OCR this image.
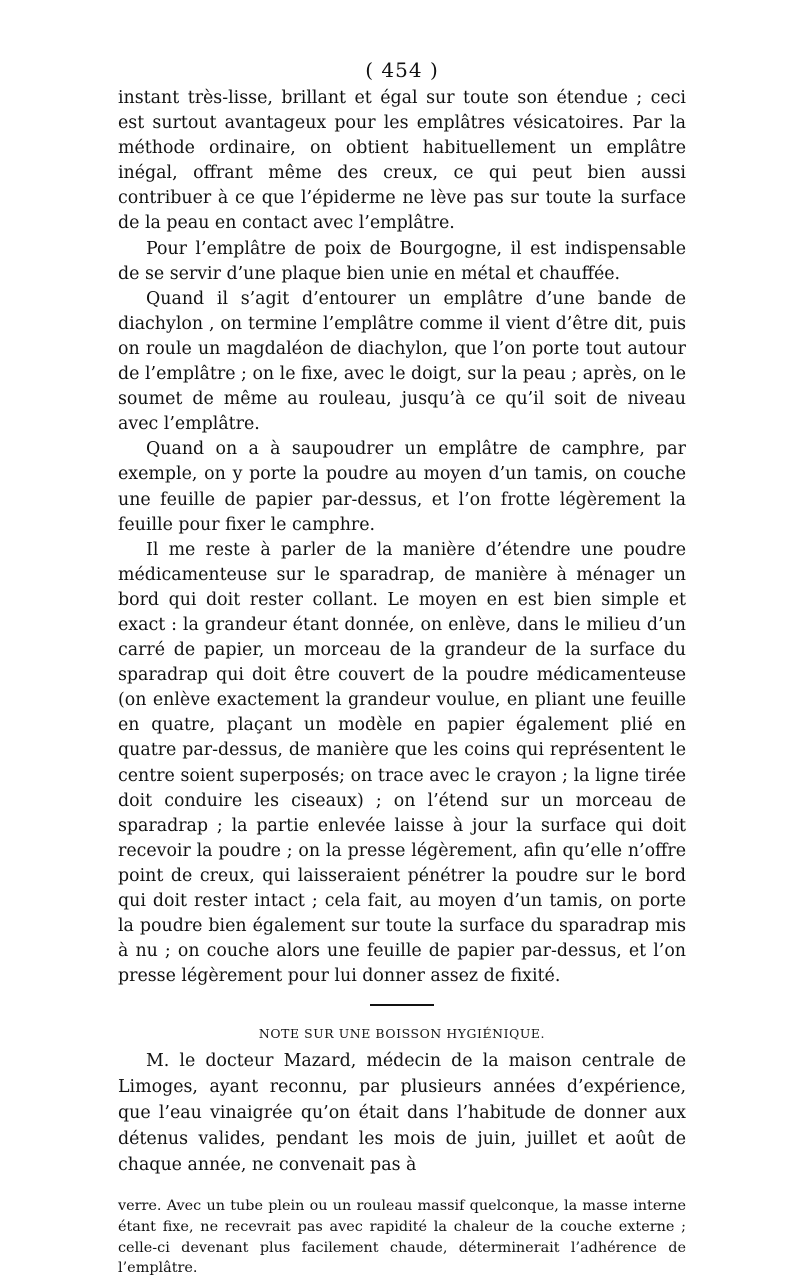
( 454 )

instant très-lisse, brillant et égal sur toute son étendue ; ceci est surtout avantageux pour les emplâtres vésicatoires. Par la méthode ordinaire, on obtient habituellement un emplâtre inégal, offrant même des creux, ce qui peut bien aussi contribuer à ce que l’épiderme ne lève pas sur toute la surface de la peau en contact avec l’emplâtre.

Pour l’emplâtre de poix de Bourgogne, il est indispensable de se servir d’une plaque bien unie en métal et chauffée.

Quand il s’agit d’entourer un emplâtre d’une bande de diachylon , on termine l’emplâtre comme il vient d’être dit, puis on roule un magdaléon de diachylon, que l’on porte tout autour de l’emplâtre ; on le fixe, avec le doigt, sur la peau ; après, on le soumet de même au rouleau, jusqu’à ce qu’il soit de niveau avec l’emplâtre.

Quand on a à saupoudrer un emplâtre de camphre, par exemple, on y porte la poudre au moyen d’un tamis, on couche une feuille de papier par-dessus, et l’on frotte légèrement la feuille pour fixer le camphre.

Il me reste à parler de la manière d’étendre une poudre médicamenteuse sur le sparadrap, de manière à ménager un bord qui doit rester collant. Le moyen en est bien simple et exact : la grandeur étant donnée, on enlève, dans le milieu d’un carré de papier, un morceau de la grandeur de la surface du sparadrap qui doit être couvert de la poudre médicamenteuse (on enlève exactement la grandeur voulue, en pliant une feuille en quatre, plaçant un modèle en papier également plié en quatre par-dessus, de manière que les coins qui représentent le centre soient superposés; on trace avec le crayon ; la ligne tirée doit conduire les ciseaux) ; on l’étend sur un morceau de sparadrap ; la partie enlevée laisse à jour la surface qui doit recevoir la poudre ; on la presse légèrement, afin qu’elle n’offre point de creux, qui laisseraient pénétrer la poudre sur le bord qui doit rester intact ; cela fait, au moyen d’un tamis, on porte la poudre bien également sur toute la surface du sparadrap mis à nu ; on couche alors une feuille de papier par-dessus, et l’on presse légèrement pour lui donner assez de fixité.

NOTE SUR UNE BOISSON HYGIÉNIQUE.

M. le docteur Mazard, médecin de la maison centrale de Limoges, ayant reconnu, par plusieurs années d’expérience, que l’eau vinaigrée qu’on était dans l’habitude de donner aux détenus valides, pendant les mois de juin, juillet et août de chaque année, ne convenait pas à

verre. Avec un tube plein ou un rouleau massif quelconque, la masse interne étant fixe, ne recevrait pas avec rapidité la chaleur de la couche externe ; celle-ci devenant plus facilement chaude, déterminerait l’adhérence de l’emplâtre.
